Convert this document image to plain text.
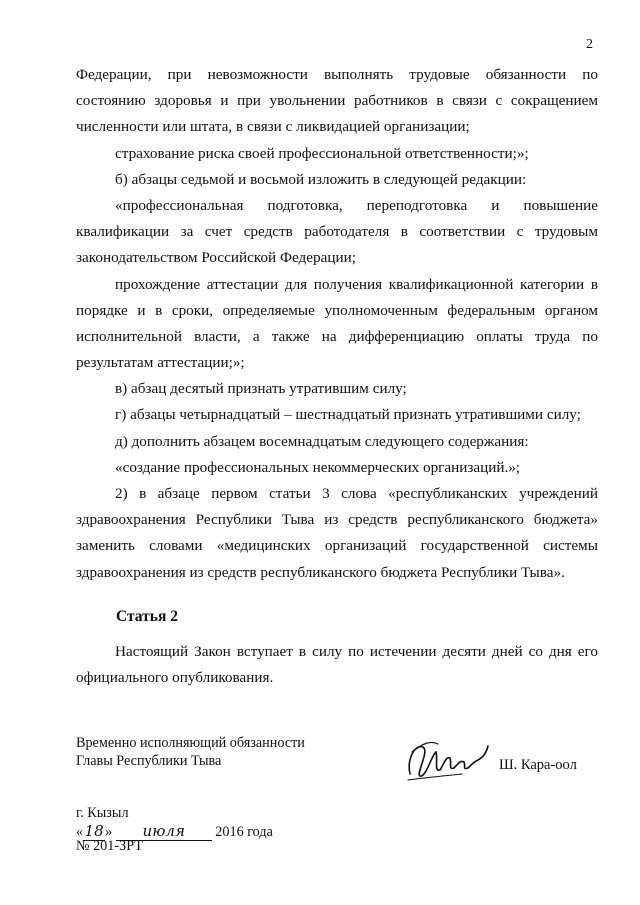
2
Федерации, при невозможности выполнять трудовые обязанности по
состоянию здоровья и при увольнении работников в связи с сокращением
численности или штата, в связи с ликвидацией организации;
страхование риска своей профессиональной ответственности;»;
б) абзацы седьмой и восьмой изложить в следующей редакции:
«профессиональная подготовка, переподготовка и повышение
квалификации за счет средств работодателя в соответствии с трудовым
законодательством Российской Федерации;
прохождение аттестации для получения квалификационной категории в
порядке и в сроки, определяемые уполномоченным федеральным органом
исполнительной власти, а также на дифференциацию оплаты труда по
результатам аттестации;»;
в) абзац десятый признать утратившим силу;
г) абзацы четырнадцатый – шестнадцатый признать утратившими силу;
д) дополнить абзацем восемнадцатым следующего содержания:
«создание профессиональных некоммерческих организаций.»;
2) в абзаце первом статьи 3 слова «республиканских учреждений
здравоохранения Республики Тыва из средств республиканского бюджета»
заменить словами «медицинских организаций государственной системы
здравоохранения из средств республиканского бюджета Республики Тыва».
Статья 2
Настоящий Закон вступает в силу по истечении десяти дней со дня его
официального опубликования.
Временно исполняющий обязанности
Главы Республики Тыва	Ш. Кара-оол
г. Кызыл
«18» июля 2016 года
№ 201-ЗРТ
